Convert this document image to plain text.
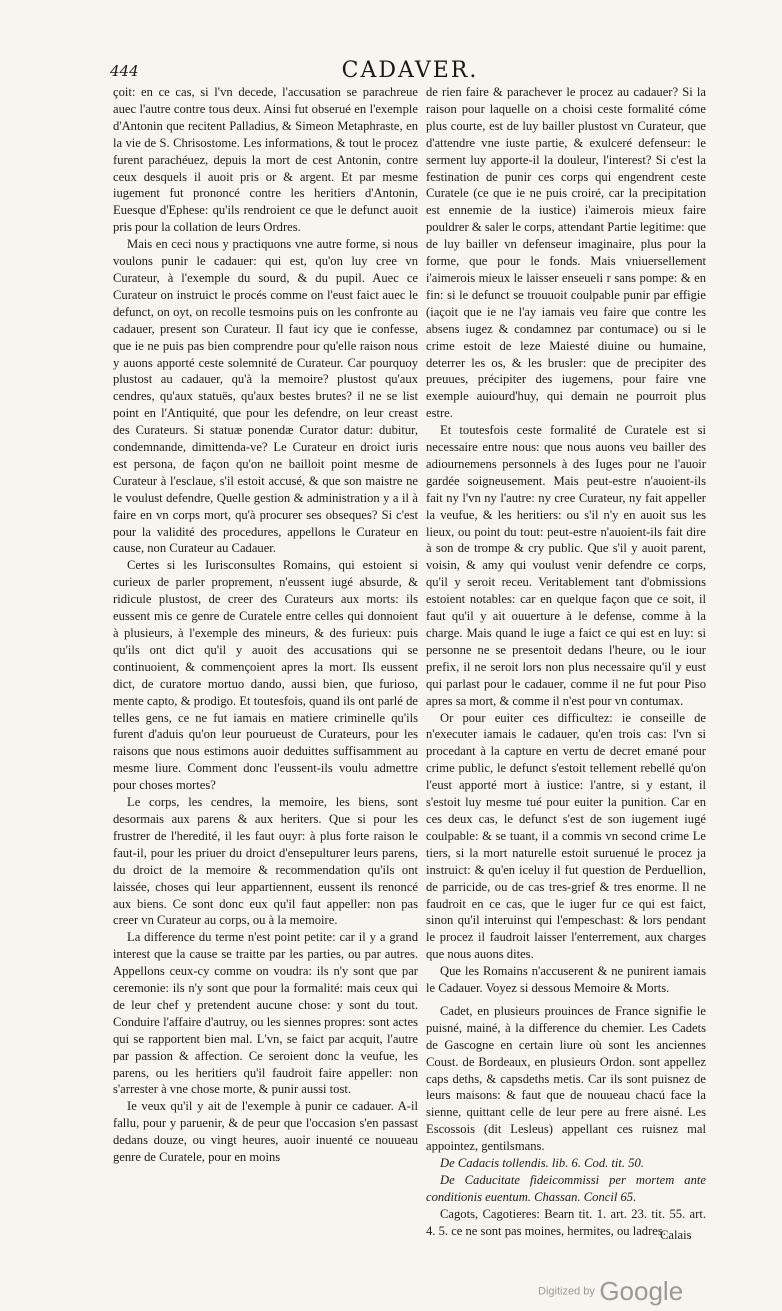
444	CADAVER.

çoit: en ce cas, si l'vn decede, l'accusation se parachreue auec l'autre contre tous deux. Ainsi fut obserué en l'exemple d'Antonin que recitent Palladius, & Simeon Metaphraste, en la vie de S. Chrisostome. Les informations, & tout le procez furent parachéuez, depuis la mort de cest Antonin, contre ceux desquels il auoit pris or & argent. Et par mesme iugement fut prononcé contre les heritiers d'Antonin, Euesque d'Ephese: qu'ils rendroient ce que le defunct auoit pris pour la collation de leurs Ordres.

Mais en ceci nous y practiquons vne autre forme, si nous voulons punir le cadauer: qui est, qu'on luy cree vn Curateur, à l'exemple du sourd, & du pupil. Auec ce Curateur on instruict le procés comme on l'eust faict auec le defunct, on oyt, on recolle tesmoins puis on les confronte au cadauer, present son Curateur. Il faut icy que ie confesse, que ie ne puis pas bien comprendre pour qu'elle raison nous y auons apporté ceste solemnité de Curateur. Car pourquoy plustost au cadauer, qu'à la memoire? plustost qu'aux cendres, qu'aux statuës, qu'aux bestes brutes? il ne se list point en l'Antiquité, que pour les defendre, on leur creast des Curateurs. Si statuæ ponendæ Curator datur: dubitur, condemnande, dimittenda-ve? Le Curateur en droict iuris est persona, de façon qu'on ne bailloit point mesme de Curateur à l'esclaue, s'il estoit accusé, & que son maistre ne le voulust defendre, Quelle gestion & administration y a il à faire en vn corps mort, qu'à procurer ses obseques? Si c'est pour la validité des procedures, appellons le Curateur en cause, non Curateur au Cadauer.

Certes si les Iurisconsultes Romains, qui estoient si curieux de parler proprement, n'eussent iugé absurde, & ridicule plustost, de creer des Curateurs aux morts: ils eussent mis ce genre de Curatele entre celles qui donnoient à plusieurs, à l'exemple des mineurs, & des furieux: puis qu'ils ont dict qu'il y auoit des accusations qui se continuoient, & commençoient apres la mort. Ils eussent dict, de curatore mortuo dando, aussi bien, que furioso, mente capto, & prodigo. Et toutesfois, quand ils ont parlé de telles gens, ce ne fut iamais en matiere criminelle qu'ils furent d'aduis qu'on leur pourueust de Curateurs, pour les raisons que nous estimons auoir deduittes suffisamment au mesme liure. Comment donc l'eussent-ils voulu admettre pour choses mortes?

Le corps, les cendres, la memoire, les biens, sont desormais aux parens & aux heriters. Que si pour les frustrer de l'heredité, il les faut ouyr: à plus forte raison le faut-il, pour les priuer du droict d'ensepulturer leurs parens, du droict de la memoire & recommendation qu'ils ont laissée, choses qui leur appartiennent, eussent ils renoncé aux biens. Ce sont donc eux qu'il faut appeller: non pas creer vn Curateur au corps, ou à la memoire.

La difference du terme n'est point petite: car il y a grand interest que la cause se traitte par les parties, ou par autres. Appellons ceux-cy comme on voudra: ils n'y sont que par ceremonie: ils n'y sont que pour la formalité: mais ceux qui de leur chef y pretendent aucune chose: y sont du tout. Conduire l'affaire d'autruy, ou les siennes propres: sont actes qui se rapportent bien mal. L'vn, se faict par acquit, l'autre par passion & affection. Ce seroient donc la veufue, les parens, ou les heritiers qu'il faudroit faire appeller: non s'arrester à vne chose morte, & punir aussi tost.

Ie veux qu'il y ait de l'exemple à punir ce cadauer. A-il fallu, pour y paruenir, & de peur que l'occasion s'en passast dedans douze, ou vingt heures, auoir inuenté ce nouueau genre de Curatele, pour en moins

de rien faire & parachever le procez au cadauer? Si la raison pour laquelle on a choisi ceste formalité cóme plus courte, est de luy bailler plustost vn Curateur, que d'attendre vne iuste partie, & exulceré defenseur: le serment luy apporte-il la douleur, l'interest? Si c'est la festination de punir ces corps qui engendrent ceste Curatele (ce que ie ne puis croiré, car la precipitation est ennemie de la iustice) i'aimerois mieux faire pouldrer & saler le corps, attendant Partie legitime: que de luy bailler vn defenseur imaginaire, plus pour la forme, que pour le fonds. Mais vniuersellement i'aimerois mieux le laisser enseueli r sans pompe: & en fin: si le defunct se trouuoit coulpable punir par effigie (iaçoit que ie ne l'ay iamais veu faire que contre les absens iugez & condamnez par contumace) ou si le crime estoit de leze Maiesté diuine ou humaine, deterrer les os, & les brusler: que de precipiter des preuues, précipiter des iugemens, pour faire vne exemple auiourd'huy, qui demain ne pourroit plus estre.

Et toutesfois ceste formalité de Curatele est si necessaire entre nous: que nous auons veu bailler des adiournemens personnels à des Iuges pour ne l'auoir gardée soigneusement. Mais peut-estre n'auoient-ils fait ny l'vn ny l'autre: ny cree Curateur, ny fait appeller la veufue, & les heritiers: ou s'il n'y en auoit sus les lieux, ou point du tout: peut-estre n'auoient-ils fait dire à son de trompe & cry public. Que s'il y auoit parent, voisin, & amy qui voulust venir defendre ce corps, qu'il y seroit receu. Veritablement tant d'obmissions estoient notables: car en quelque façon que ce soit, il faut qu'il y ait ouuerture à le defense, comme à la charge. Mais quand le iuge a faict ce qui est en luy: si personne ne se presentoit dedans l'heure, ou le iour prefix, il ne seroit lors non plus necessaire qu'il y eust qui parlast pour le cadauer, comme il ne fut pour Piso apres sa mort, & comme il n'est pour vn contumax.

Or pour euiter ces difficultez: ie conseille de n'executer iamais le cadauer, qu'en trois cas: l'vn si procedant à la capture en vertu de decret emané pour crime public, le defunct s'estoit tellement rebellé qu'on l'eust apporté mort à iustice: l'antre, si y estant, il s'estoit luy mesme tué pour euiter la punition. Car en ces deux cas, le defunct s'est de son iugement iugé coulpable: & se tuant, il a commis vn second crime Le tiers, si la mort naturelle estoit suruenué le procez ja instruict: & qu'en iceluy il fut question de Perduellion, de parricide, ou de cas tres-grief & tres enorme. Il ne faudroit en ce cas, que le iuger fur ce qui est faict, sinon qu'il interuinst qui l'empeschast: & lors pendant le procez il faudroit laisser l'enterrement, aux charges que nous auons dites.

Que les Romains n'accuserent & ne punirent iamais le Cadauer. Voyez si dessous Memoire & Morts.

Cadet, en plusieurs prouinces de France signifie le puisné, mainé, à la difference du chemier. Les Cadets de Gascogne en certain liure où sont les anciennes Coust. de Bordeaux, en plusieurs Ordon. sont appellez caps deths, & capsdeths metis. Car ils sont puisnez de leurs maisons: & faut que de nouueau chacú face la sienne, quittant celle de leur pere au frere aisné. Les Escossois (dit Lesleus) appellant ces ruisnez mal appointez, gentilsmans.

De Cadacis tollendis. lib. 6. Cod. tit. 50.

De Caducitate fideicommissi per mortem ante conditionis euentum. Chassan. Concil 65.

Cagots, Cagotieres: Bearn tit. 1. art. 23. tit. 55. art. 4. 5. ce ne sont pas moines, hermites, ou ladres.

Calais
Digitized by Google
